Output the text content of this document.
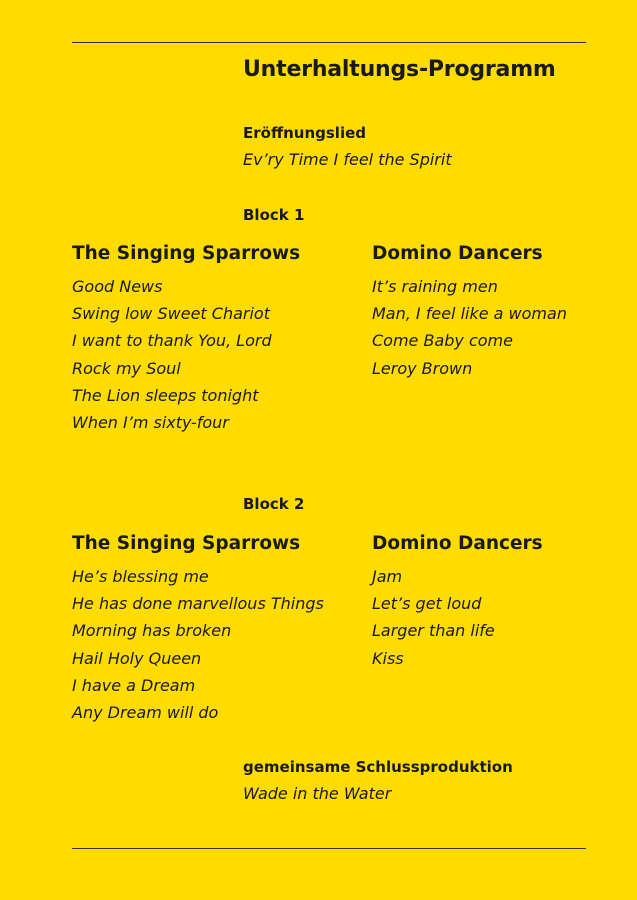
Unterhaltungs-Programm
Eröffnungslied
Ev’ry Time I feel the Spirit
Block 1
The Singing Sparrows
Good News
Swing low Sweet Chariot
I want to thank You, Lord
Rock my Soul
The Lion sleeps tonight
When I’m sixty-four
Domino Dancers
It’s raining men
Man, I feel like a woman
Come Baby come
Leroy Brown
Block 2
The Singing Sparrows
He’s blessing me
He has done marvellous Things
Morning has broken
Hail Holy Queen
I have a Dream
Any Dream will do
Domino Dancers
Jam
Let’s get loud
Larger than life
Kiss
gemeinsame Schlussproduktion
Wade in the Water
